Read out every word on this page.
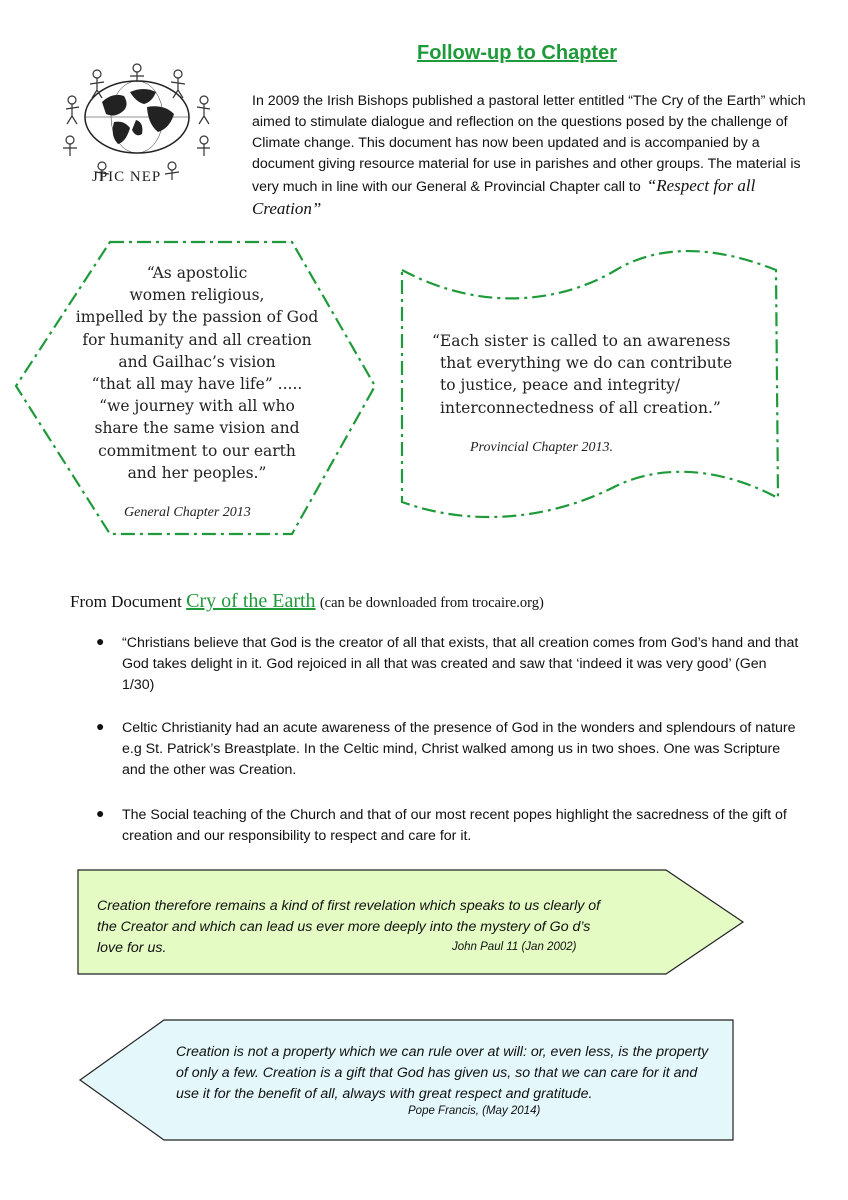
Follow-up to Chapter
JPIC NEP
In 2009 the Irish Bishops published a pastoral letter entitled “The Cry of the Earth” which aimed to stimulate dialogue and reflection on the questions posed by the challenge of Climate change. This document has now been updated and is accompanied by a document giving resource material for use in parishes and other groups. The material is very much in line with our General & Provincial Chapter call to “Respect for all Creation”
“As apostolic
women religious,
impelled by the passion of God
for humanity and all creation
and Gailhac’s vision
“that all may have life” .....
“we journey with all who
share the same vision and
commitment to our earth
and her peoples.”
General Chapter 2013
“Each sister is called to an awareness
that everything we do can contribute
to justice, peace and integrity/
interconnectedness of all creation.”
Provincial Chapter 2013.
From Document Cry of the Earth (can be downloaded from trocaire.org)
● “Christians believe that God is the creator of all that exists, that all creation comes from God’s hand and that God takes delight in it. God rejoiced in all that was created and saw that ‘indeed it was very good’ (Gen 1/30)
● Celtic Christianity had an acute awareness of the presence of God in the wonders and splendours of nature e.g St. Patrick’s Breastplate. In the Celtic mind, Christ walked among us in two shoes. One was Scripture and the other was Creation.
● The Social teaching of the Church and that of our most recent popes highlight the sacredness of the gift of creation and our responsibility to respect and care for it.
Creation therefore remains a kind of first revelation which speaks to us clearly of the Creator and which can lead us ever more deeply into the mystery of Go d’s love for us.	John Paul 11 (Jan 2002)
Creation is not a property which we can rule over at will: or, even less, is the property of only a few. Creation is a gift that God has given us, so that we can care for it and use it for the benefit of all, always with great respect and gratitude.
Pope Francis, (May 2014)
